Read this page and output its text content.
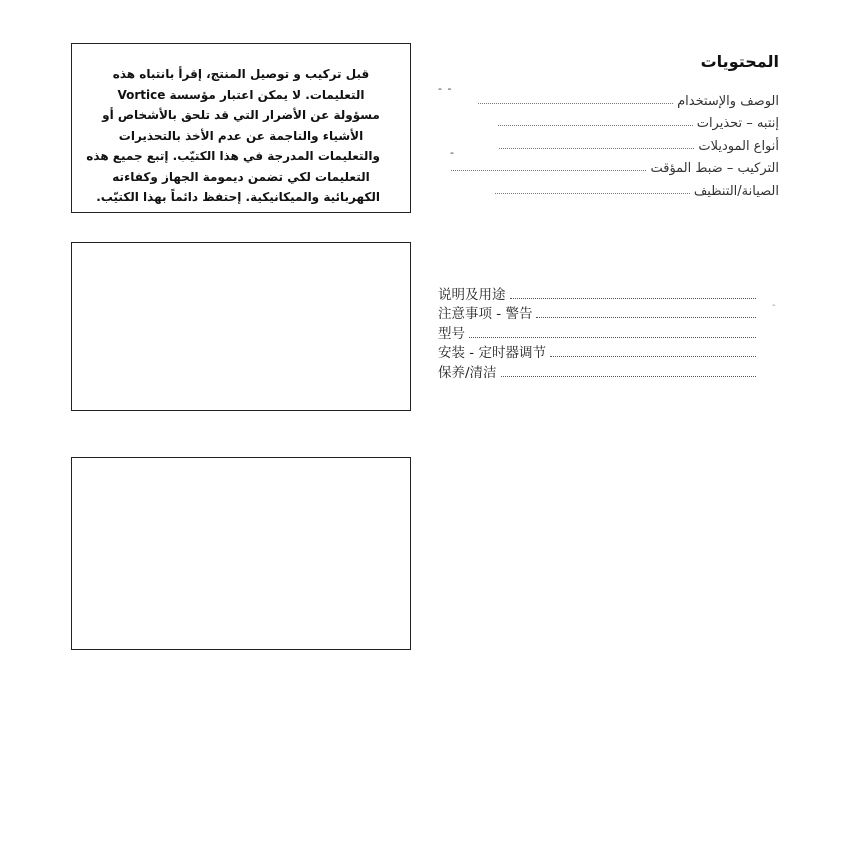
قبل تركيب و توصيل المنتج، إقرأ بانتباه هذه
التعليمات. لا يمكن اعتبار مؤسسة Vortice
مسؤولة عن الأضرار التي قد تلحق بالأشخاص أو
الأشياء والناجمة عن عدم الأخذ بالتحذيرات
والتعليمات المدرجة في هذا الكتيّب. إتبع جميع هذه
التعليمات لكي تضمن ديمومة الجهاز وكفاءته
الكهربائية والميكانيكية. إحتفظ دائماً بهذا الكتيّب.
المحتويات
الوصف والإستخدام
- -
إنتبه – تحذيرات
أنواع الموديلات
التركيب – ضبط المؤقت
-
الصيانة/التنظيف
说明及用途
注意事项 - 警告
型号
安装 - 定时器调节
保养/清洁
-
